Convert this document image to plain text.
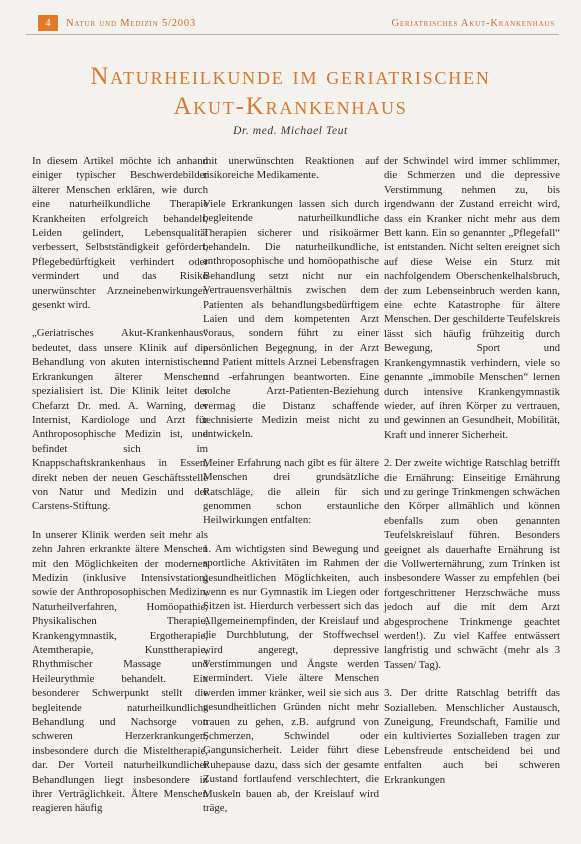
4	Natur und Medizin 5/2003	Geriatrisches Akut-Krankenhaus
Naturheilkunde im geriatrischen
Akut-Krankenhaus
Dr. med. Michael Teut

In diesem Artikel möchte ich anhand einiger typischer Beschwerdebilder älterer Menschen erklären, wie durch eine naturheilkundliche Therapie Krankheiten erfolgreich behandelt, Leiden gelindert, Lebensqualität verbessert, Selbstständigkeit gefördert, Pflegebedürftigkeit verhindert oder vermindert und das Risiko unerwünschter Arzneinebenwirkungen gesenkt wird.

„Geriatrisches Akut-Krankenhaus“ bedeutet, dass unsere Klinik auf die Behandlung von akuten internistischen Erkrankungen älterer Menschen spezialisiert ist. Die Klinik leitet der Chefarzt Dr. med. A. Warning, der Internist, Kardiologe und Arzt für Anthroposophische Medizin ist, und befindet sich im Knappschaftskrankenhaus in Essen, direkt neben der neuen Geschäftsstelle von Natur und Medizin und der Carstens-Stiftung.

In unserer Klinik werden seit mehr als zehn Jahren erkrankte ältere Menschen mit den Möglichkeiten der modernen Medizin (inklusive Intensivstation) sowie der Anthroposophischen Medizin, Naturheilverfahren, Homöopathie, Physikalischen Therapie, Krankengymnastik, Ergotherapie, Atemtherapie, Kunsttherapie, Rhythmischer Massage und Heileurythmie behandelt. Ein besonderer Schwerpunkt stellt die begleitende naturheilkundliche Behandlung und Nachsorge von schweren Herzerkrankungen, insbesondere durch die Misteltherapie, dar. Der Vorteil naturheilkundlicher Behandlungen liegt insbesondere in ihrer Verträglichkeit. Ältere Menschen reagieren häufig

mit unerwünschten Reaktionen auf risikoreiche Medikamente.

Viele Erkrankungen lassen sich durch begleitende naturheilkundliche Therapien sicherer und risikoärmer behandeln. Die naturheilkundliche, anthroposophische und homöopathische Behandlung setzt nicht nur ein Vertrauensverhältnis zwischen dem Patienten als behandlungsbedürftigem Laien und dem kompetenten Arzt voraus, sondern führt zu einer persönlichen Begegnung, in der Arzt und Patient mittels Arznei Lebensfragen und -erfahrungen beantworten. Eine solche Arzt-Patienten-Beziehung vermag die Distanz schaffende technisierte Medizin meist nicht zu entwickeln.

Meiner Erfahrung nach gibt es für ältere Menschen drei grundsätzliche Ratschläge, die allein für sich genommen schon erstaunliche Heilwirkungen entfalten:

1. Am wichtigsten sind Bewegung und sportliche Aktivitäten im Rahmen der gesundheitlichen Möglichkeiten, auch wenn es nur Gymnastik im Liegen oder Sitzen ist. Hierdurch verbessert sich das Allgemeinempfinden, der Kreislauf und die Durchblutung, der Stoffwechsel wird angeregt, depressive Verstimmungen und Ängste werden vermindert. Viele ältere Menschen werden immer kränker, weil sie sich aus gesundheitlichen Gründen nicht mehr trauen zu gehen, z.B. aufgrund von Schmerzen, Schwindel oder Gangunsicherheit. Leider führt diese Ruhepause dazu, dass sich der gesamte Zustand fortlaufend verschlechtert, die Muskeln bauen ab, der Kreislauf wird träge,

der Schwindel wird immer schlimmer, die Schmerzen und die depressive Verstimmung nehmen zu, bis irgendwann der Zustand erreicht wird, dass ein Kranker nicht mehr aus dem Bett kann. Ein so genannter „Pflegefall“ ist entstanden. Nicht selten ereignet sich auf diese Weise ein Sturz mit nachfolgendem Oberschenkelhalsbruch, der zum Lebenseinbruch werden kann, eine echte Katastrophe für ältere Menschen. Der geschilderte Teufelskreis lässt sich häufig frühzeitig durch Bewegung, Sport und Krankengymnastik verhindern, viele so genannte „immobile Menschen“ lernen durch intensive Krankengymnastik wieder, auf ihren Körper zu vertrauen, und gewinnen an Gesundheit, Mobilität, Kraft und innerer Sicherheit.

2. Der zweite wichtige Ratschlag betrifft die Ernährung: Einseitige Ernährung und zu geringe Trinkmengen schwächen den Körper allmählich und können ebenfalls zum oben genannten Teufelskreislauf führen. Besonders geeignet als dauerhafte Ernährung ist die Vollwerternährung, zum Trinken ist insbesondere Wasser zu empfehlen (bei fortgeschrittener Herzschwäche muss jedoch auf die mit dem Arzt abgesprochene Trinkmenge geachtet werden!). Zu viel Kaffee entwässert langfristig und schwächt (mehr als 3 Tassen/ Tag).

3. Der dritte Ratschlag betrifft das Sozialleben. Menschlicher Austausch, Zuneigung, Freundschaft, Familie und ein kultiviertes Sozialleben tragen zur Lebensfreude entscheidend bei und entfalten auch bei schweren Erkrankungen
